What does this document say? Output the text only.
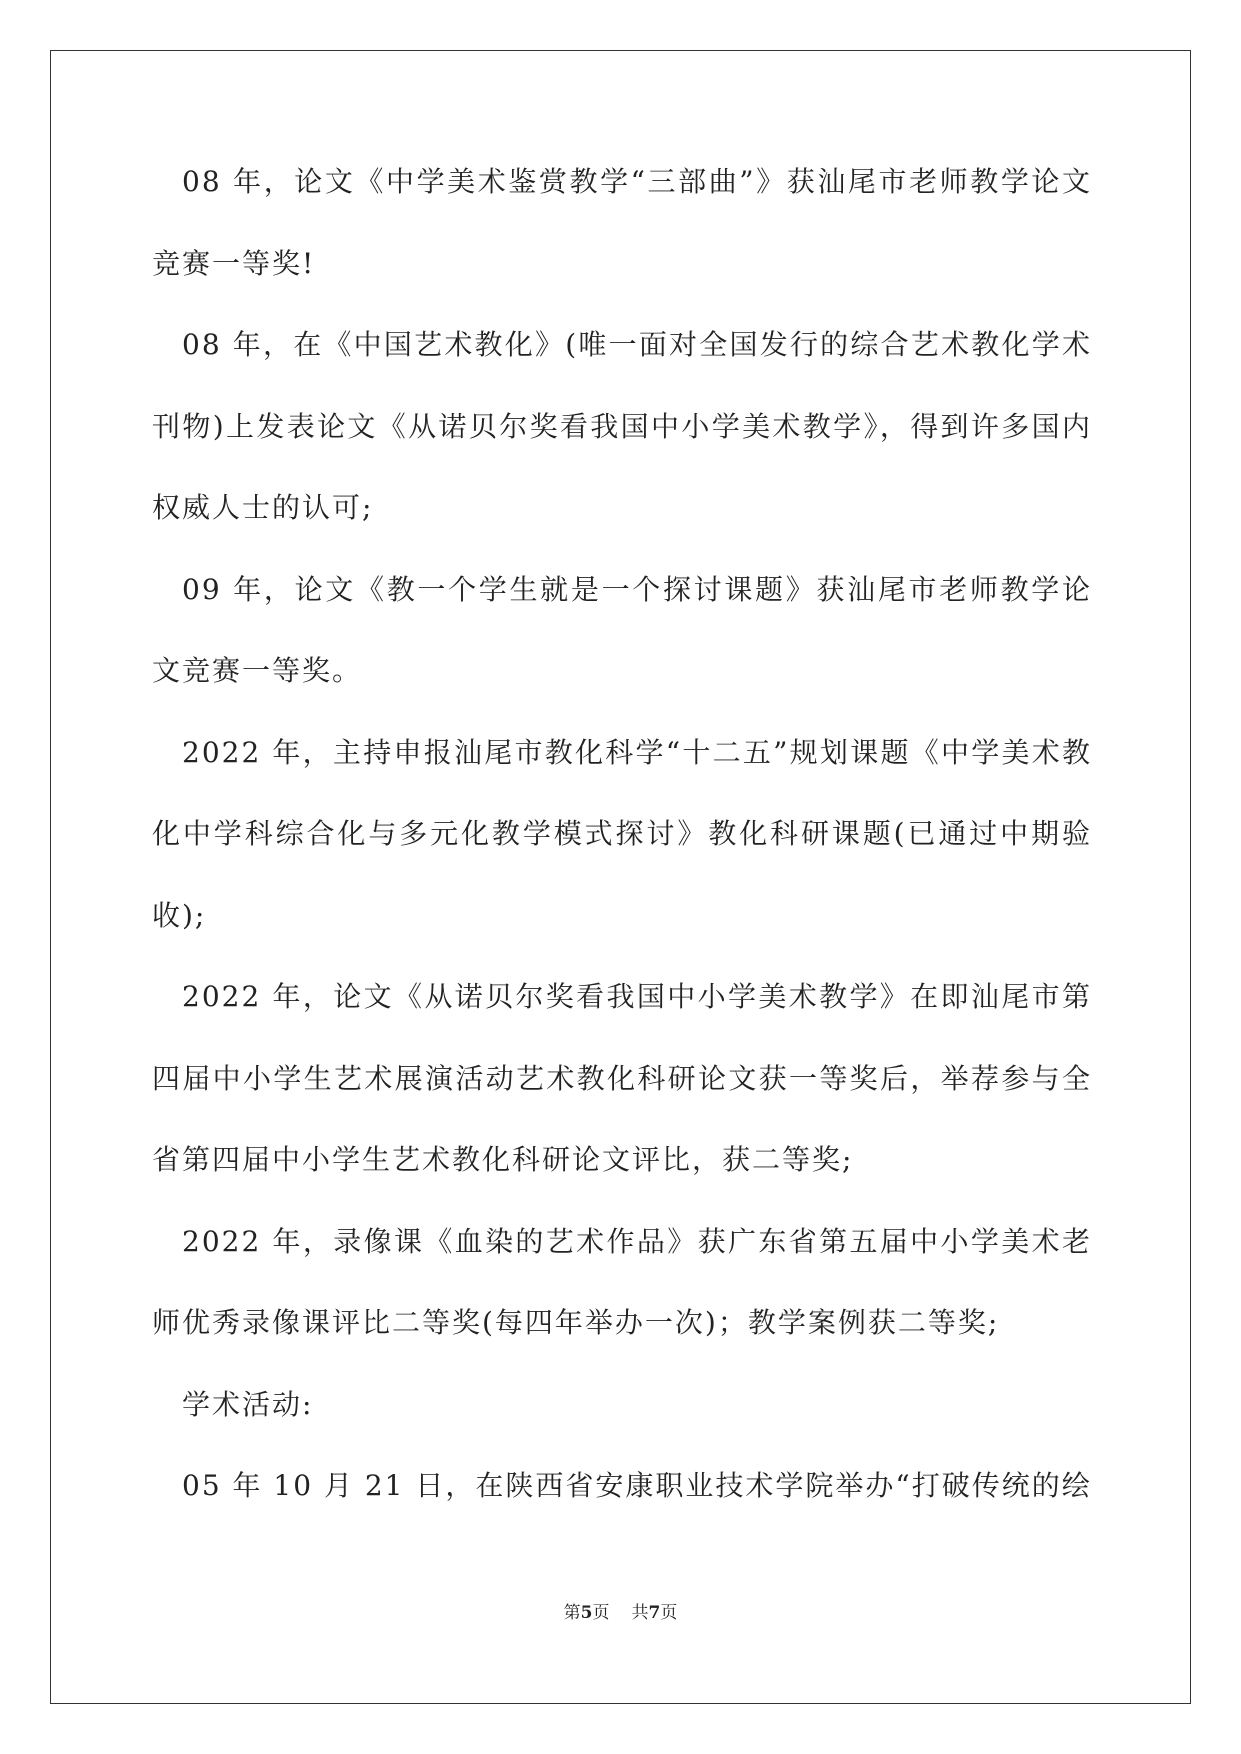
08 年，论文《中学美术鉴赏教学“三部曲”》获汕尾市老师教学论文竞赛一等奖!

08 年，在《中国艺术教化》(唯一面对全国发行的综合艺术教化学术刊物)上发表论文《从诺贝尔奖看我国中小学美术教学》，得到许多国内权威人士的认可;

09 年，论文《教一个学生就是一个探讨课题》获汕尾市老师教学论文竞赛一等奖。

2022 年，主持申报汕尾市教化科学“十二五”规划课题《中学美术教化中学科综合化与多元化教学模式探讨》教化科研课题(已通过中期验收);

2022 年，论文《从诺贝尔奖看我国中小学美术教学》在即汕尾市第四届中小学生艺术展演活动艺术教化科研论文获一等奖后，举荐参与全省第四届中小学生艺术教化科研论文评比，获二等奖;

2022 年，录像课《血染的艺术作品》获广东省第五届中小学美术老师优秀录像课评比二等奖(每四年举办一次)；教学案例获二等奖;

学术活动:

05 年 10 月 21 日，在陕西省安康职业技术学院举办“打破传统的绘

第5页 共7页
